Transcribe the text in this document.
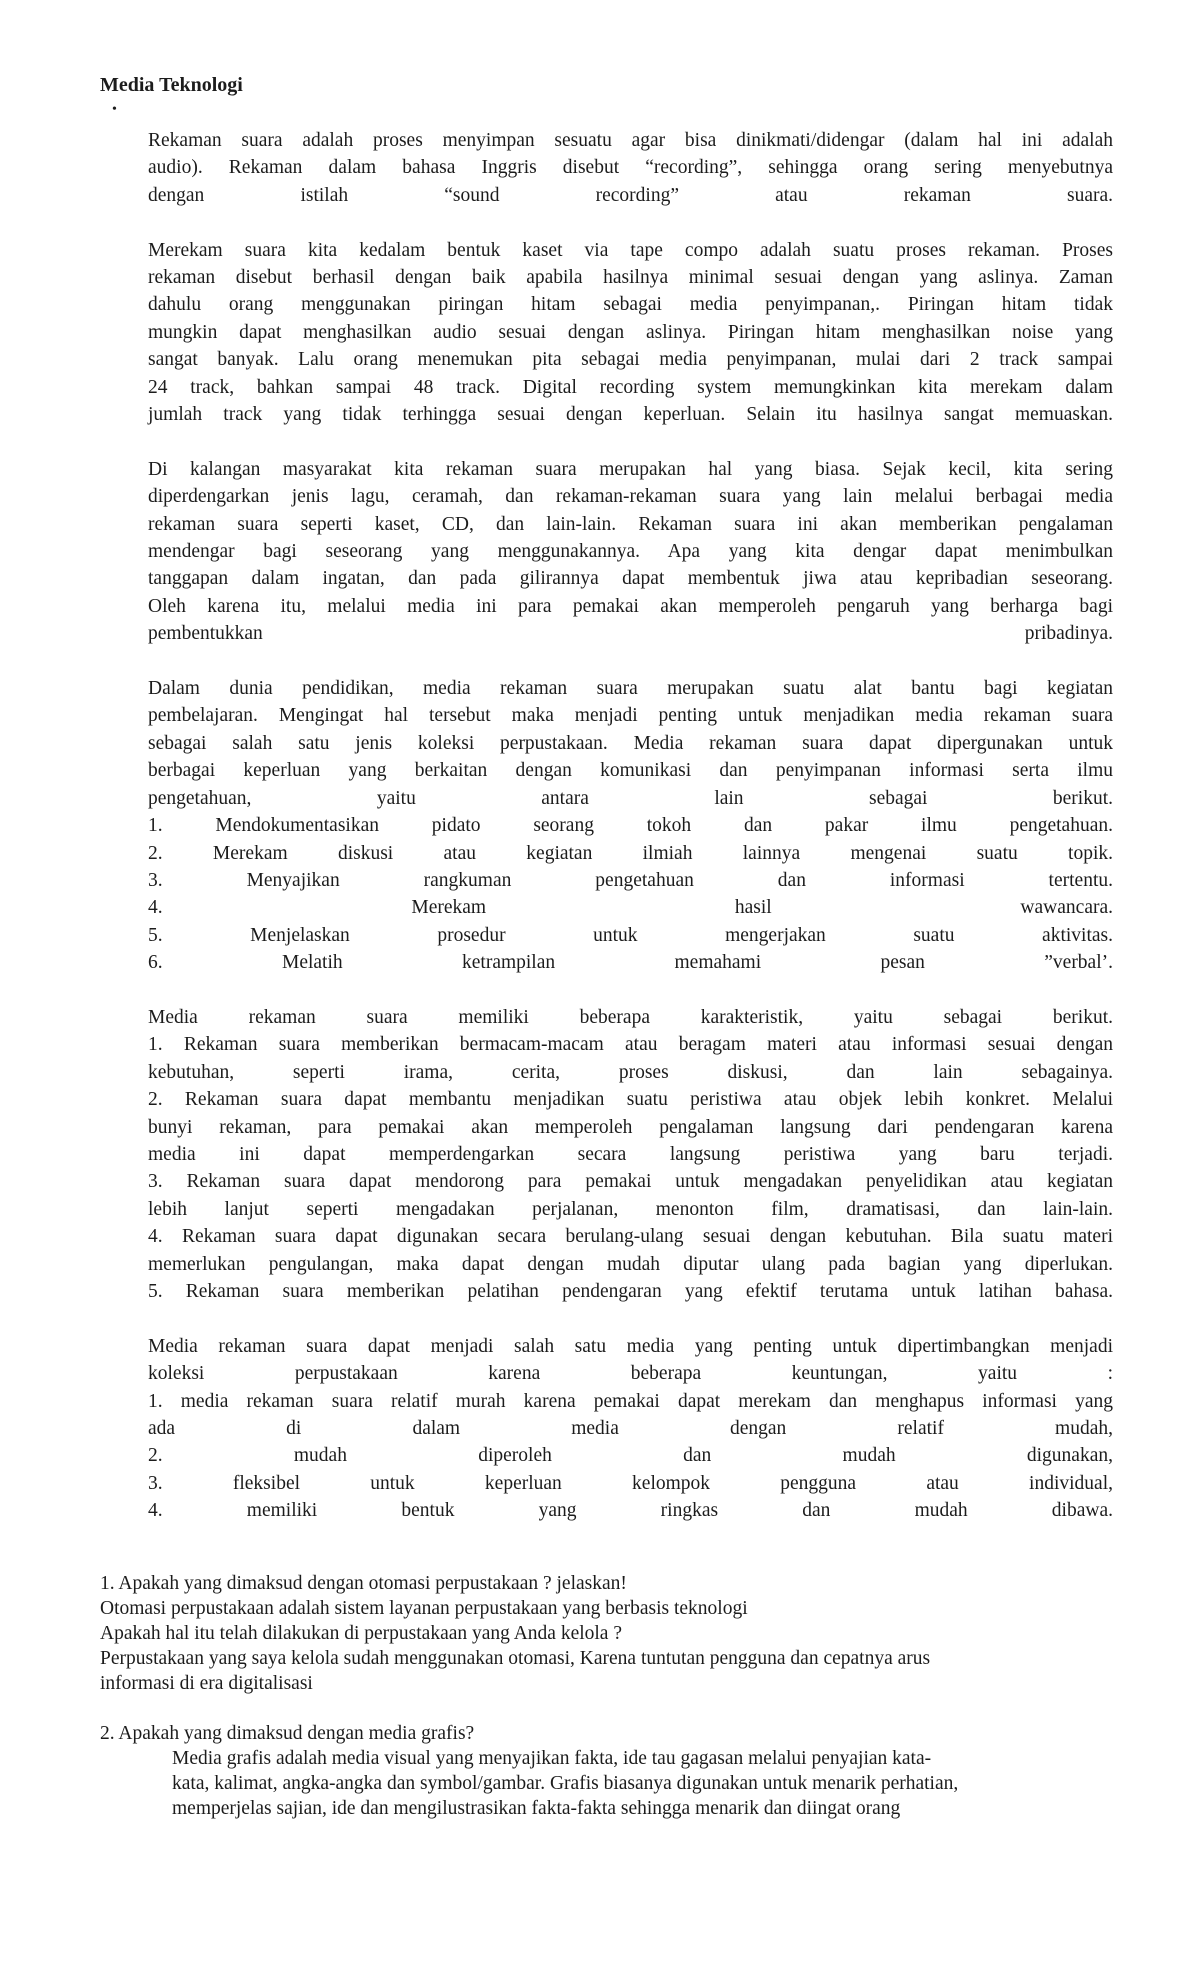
Media Teknologi
•

Rekaman suara adalah proses menyimpan sesuatu agar bisa dinikmati/didengar (dalam hal ini adalah
audio). Rekaman dalam bahasa Inggris disebut “recording”, sehingga orang sering menyebutnya
dengan istilah “sound recording” atau rekaman suara.

Merekam suara kita kedalam bentuk kaset via tape compo adalah suatu proses rekaman. Proses
rekaman disebut berhasil dengan baik apabila hasilnya minimal sesuai dengan yang aslinya. Zaman
dahulu orang menggunakan piringan hitam sebagai media penyimpanan,. Piringan hitam tidak
mungkin dapat menghasilkan audio sesuai dengan aslinya. Piringan hitam menghasilkan noise yang
sangat banyak. Lalu orang menemukan pita sebagai media penyimpanan, mulai dari 2 track sampai
24 track, bahkan sampai 48 track. Digital recording system memungkinkan kita merekam dalam
jumlah track yang tidak terhingga sesuai dengan keperluan. Selain itu hasilnya sangat memuaskan.

Di kalangan masyarakat kita rekaman suara merupakan hal yang biasa. Sejak kecil, kita sering
diperdengarkan jenis lagu, ceramah, dan rekaman-rekaman suara yang lain melalui berbagai media
rekaman suara seperti kaset, CD, dan lain-lain. Rekaman suara ini akan memberikan pengalaman
mendengar bagi seseorang yang menggunakannya. Apa yang kita dengar dapat menimbulkan
tanggapan dalam ingatan, dan pada gilirannya dapat membentuk jiwa atau kepribadian seseorang.
Oleh karena itu, melalui media ini para pemakai akan memperoleh pengaruh yang berharga bagi
pembentukkan pribadinya.

Dalam dunia pendidikan, media rekaman suara merupakan suatu alat bantu bagi kegiatan
pembelajaran. Mengingat hal tersebut maka menjadi penting untuk menjadikan media rekaman suara
sebagai salah satu jenis koleksi perpustakaan. Media rekaman suara dapat dipergunakan untuk
berbagai keperluan yang berkaitan dengan komunikasi dan penyimpanan informasi serta ilmu
pengetahuan, yaitu antara lain sebagai berikut.
1. Mendokumentasikan pidato seorang tokoh dan pakar ilmu pengetahuan.
2. Merekam diskusi atau kegiatan ilmiah lainnya mengenai suatu topik.
3. Menyajikan rangkuman pengetahuan dan informasi tertentu.
4. Merekam hasil wawancara.
5. Menjelaskan prosedur untuk mengerjakan suatu aktivitas.
6. Melatih ketrampilan memahami pesan ”verbal’.

Media rekaman suara memiliki beberapa karakteristik, yaitu sebagai berikut.
1. Rekaman suara memberikan bermacam-macam atau beragam materi atau informasi sesuai dengan
kebutuhan, seperti irama, cerita, proses diskusi, dan lain sebagainya.
2. Rekaman suara dapat membantu menjadikan suatu peristiwa atau objek lebih konkret. Melalui
bunyi rekaman, para pemakai akan memperoleh pengalaman langsung dari pendengaran karena
media ini dapat memperdengarkan secara langsung peristiwa yang baru terjadi.
3. Rekaman suara dapat mendorong para pemakai untuk mengadakan penyelidikan atau kegiatan
lebih lanjut seperti mengadakan perjalanan, menonton film, dramatisasi, dan lain-lain.
4. Rekaman suara dapat digunakan secara berulang-ulang sesuai dengan kebutuhan. Bila suatu materi
memerlukan pengulangan, maka dapat dengan mudah diputar ulang pada bagian yang diperlukan.
5. Rekaman suara memberikan pelatihan pendengaran yang efektif terutama untuk latihan bahasa.

Media rekaman suara dapat menjadi salah satu media yang penting untuk dipertimbangkan menjadi
koleksi perpustakaan karena beberapa keuntungan, yaitu :
1. media rekaman suara relatif murah karena pemakai dapat merekam dan menghapus informasi yang
ada di dalam media dengan relatif mudah,
2. mudah diperoleh dan mudah digunakan,
3. fleksibel untuk keperluan kelompok pengguna atau individual,
4. memiliki bentuk yang ringkas dan mudah dibawa.

1. Apakah yang dimaksud dengan otomasi perpustakaan ? jelaskan!
Otomasi perpustakaan adalah sistem layanan perpustakaan yang berbasis teknologi
Apakah hal itu telah dilakukan di perpustakaan yang Anda kelola ?
Perpustakaan yang saya kelola sudah menggunakan otomasi, Karena tuntutan pengguna dan cepatnya arus
informasi di era digitalisasi
2. Apakah yang dimaksud dengan media grafis?
Media grafis adalah media visual yang menyajikan fakta, ide tau gagasan melalui penyajian kata-
kata, kalimat, angka-angka dan symbol/gambar. Grafis biasanya digunakan untuk menarik perhatian,
memperjelas sajian, ide dan mengilustrasikan fakta-fakta sehingga menarik dan diingat orang
